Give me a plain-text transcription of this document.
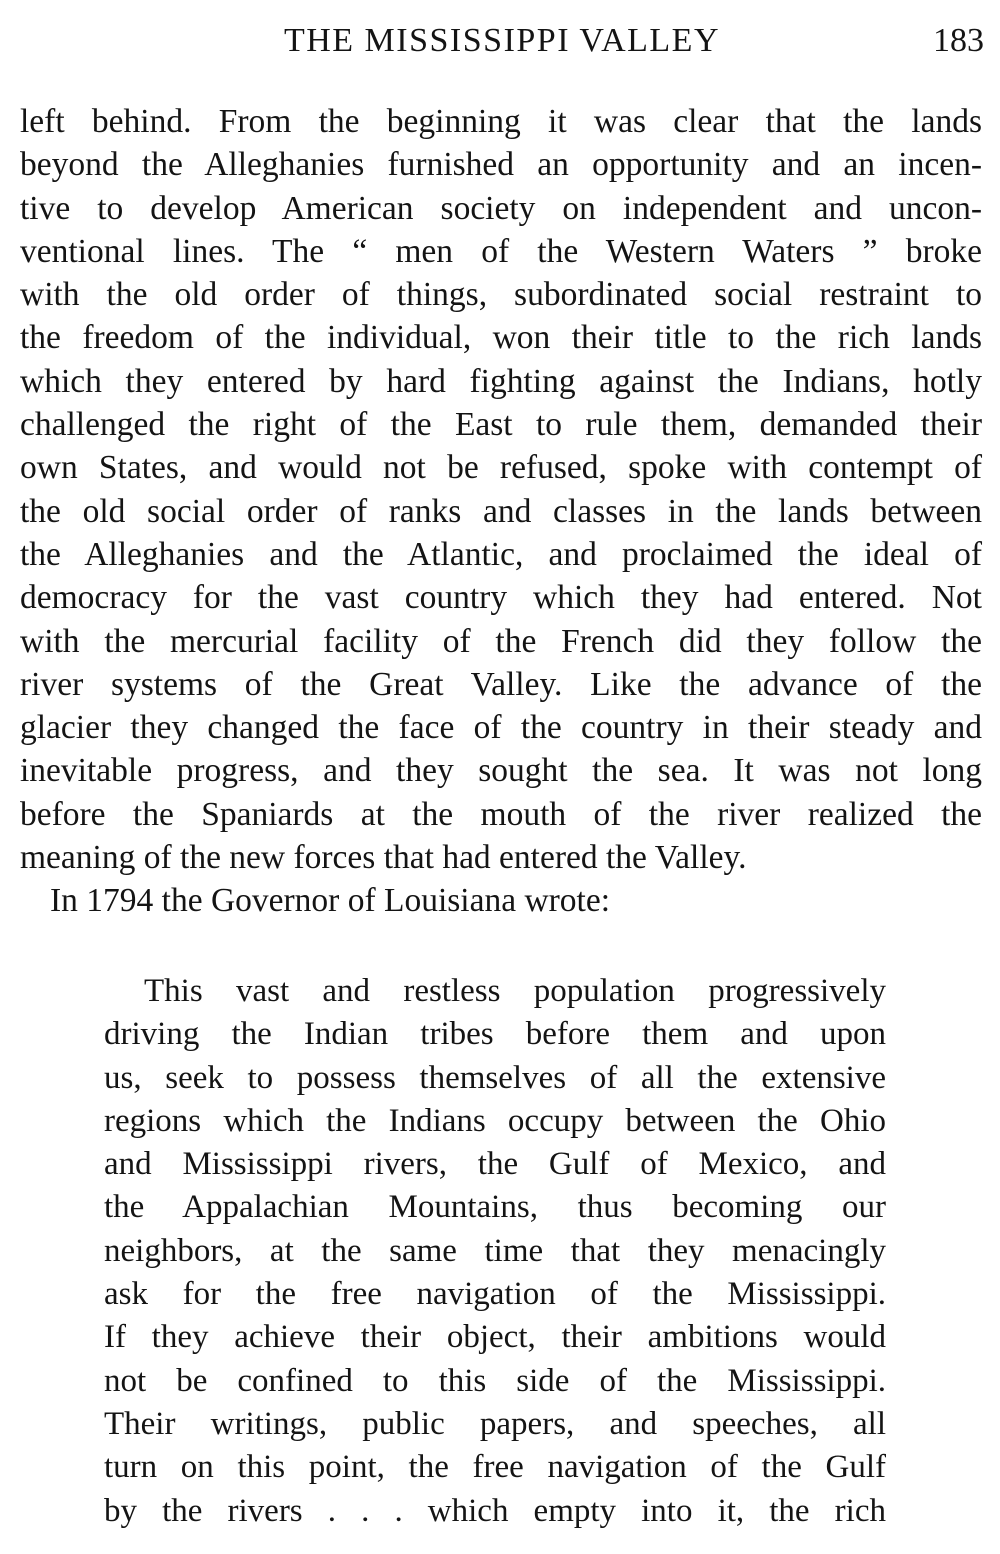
THE MISSISSIPPI VALLEY	183
left behind. From the beginning it was clear that the lands
beyond the Alleghanies furnished an opportunity and an incen-
tive to develop American society on independent and uncon-
ventional lines. The “ men of the Western Waters ” broke
with the old order of things, subordinated social restraint to
the freedom of the individual, won their title to the rich lands
which they entered by hard fighting against the Indians, hotly
challenged the right of the East to rule them, demanded their
own States, and would not be refused, spoke with contempt of
the old social order of ranks and classes in the lands between
the Alleghanies and the Atlantic, and proclaimed the ideal of
democracy for the vast country which they had entered. Not
with the mercurial facility of the French did they follow the
river systems of the Great Valley. Like the advance of the
glacier they changed the face of the country in their steady and
inevitable progress, and they sought the sea. It was not long
before the Spaniards at the mouth of the river realized the
meaning of the new forces that had entered the Valley.
In 1794 the Governor of Louisiana wrote:
This vast and restless population progressively
driving the Indian tribes before them and upon
us, seek to possess themselves of all the extensive
regions which the Indians occupy between the Ohio
and Mississippi rivers, the Gulf of Mexico, and
the Appalachian Mountains, thus becoming our
neighbors, at the same time that they menacingly
ask for the free navigation of the Mississippi.
If they achieve their object, their ambitions would
not be confined to this side of the Mississippi.
Their writings, public papers, and speeches, all
turn on this point, the free navigation of the Gulf
by the rivers . . . which empty into it, the rich
